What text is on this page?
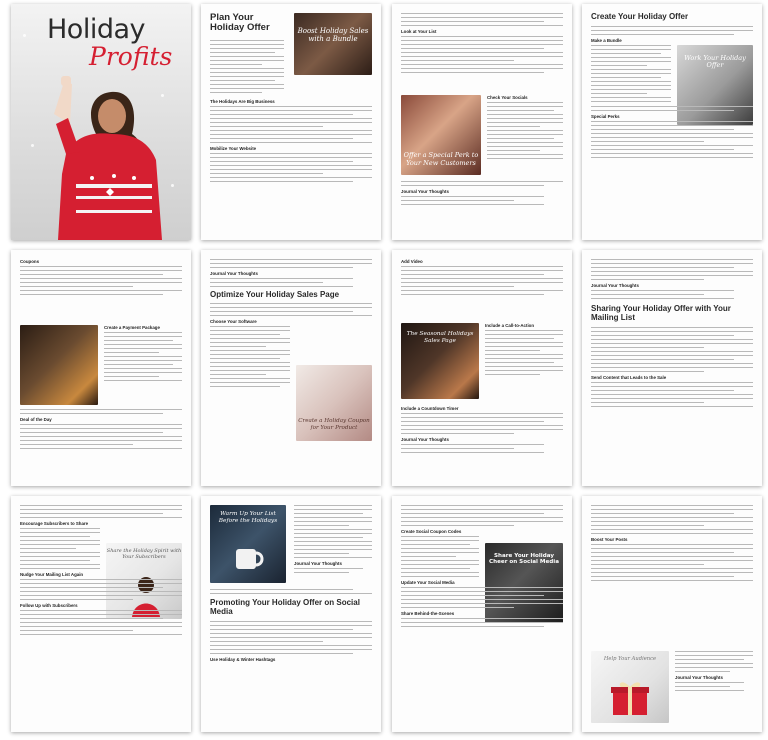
Holiday
Profits
Plan Your Holiday Offer	Boost Holiday Sales with a Bundle
The Holidays Are Big Business
Mobilize Your Website
Look at Your List
Offer a Special Perk to Your New Customers
Check Your Socials
Journal Your Thoughts
Create Your Holiday Offer
Make a Bundle
Work Your Holiday Offer
Special Perks
Coupons
Create a Payment Package
Deal of the Day
Journal Your Thoughts
Optimize Your Holiday Sales Page
Choose Your Software
Create a Holiday Coupon for Your Product
Add Video
The Seasonal Holidays Sales Page
Include a Call-to-Action
Include a Countdown Timer
Journal Your Thoughts
Journal Your Thoughts
Sharing Your Holiday Offer with Your Mailing List
Send Content that Leads to the Sale
Encourage Subscribers to Share
Share the Holiday Spirit with Your Subscribers
Nudge Your Mailing List Again
Follow Up with Subscribers
Warm Up Your List Before the Holidays
Journal Your Thoughts
Promoting Your Holiday Offer on Social Media
Use Holiday & Winter Hashtags
Create Social Coupon Codes
Share Your Holiday Cheer on Social Media
Update Your Social Media
Share Behind-the-Scenes
Boost Your Posts
Help Your Audience
Journal Your Thoughts
